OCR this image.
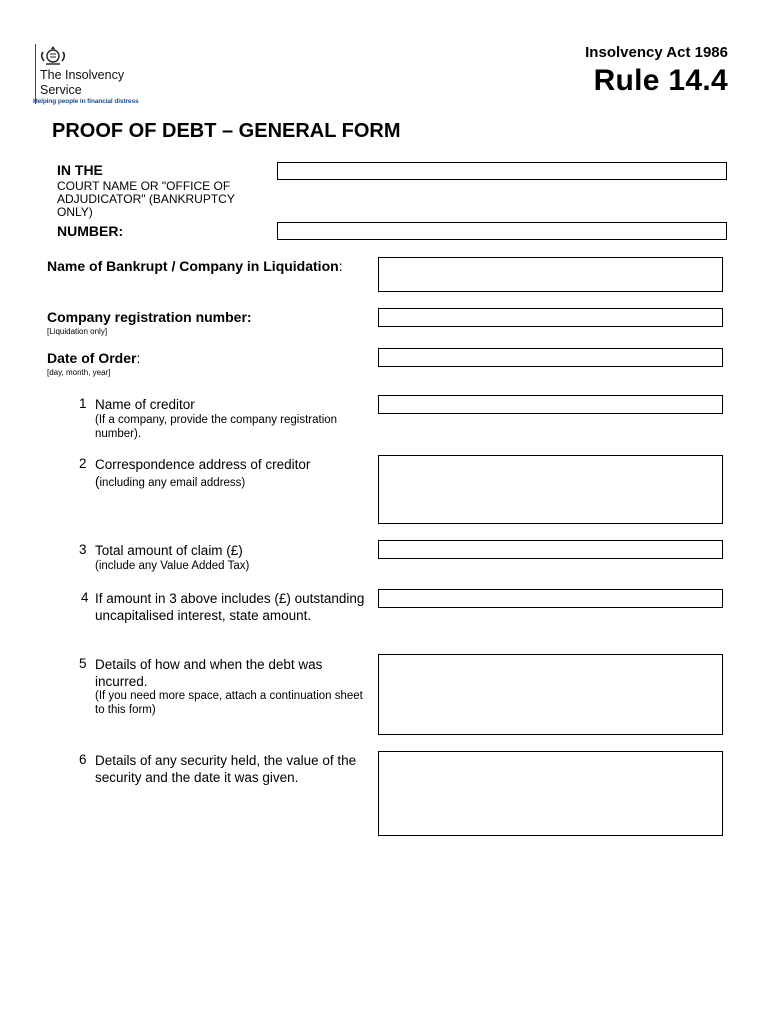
The Insolvency
Service
Helping people in financial distress
Insolvency Act 1986
Rule 14.4
PROOF OF DEBT – GENERAL FORM
IN THE
COURT NAME OR "OFFICE OF ADJUDICATOR" (BANKRUPTCY ONLY)
NUMBER:
Name of Bankrupt / Company in Liquidation:
Company registration number:
[Liquidation only]
Date of Order:
[day, month, year]
1 Name of creditor
(If a company, provide the company registration number).
2 Correspondence address of creditor
(including any email address)
3 Total amount of claim (£)
(include any Value Added Tax)
4 If amount in 3 above includes (£) outstanding uncapitalised interest, state amount.
5 Details of how and when the debt was incurred.
(If you need more space, attach a continuation sheet to this form)
6 Details of any security held, the value of the security and the date it was given.
